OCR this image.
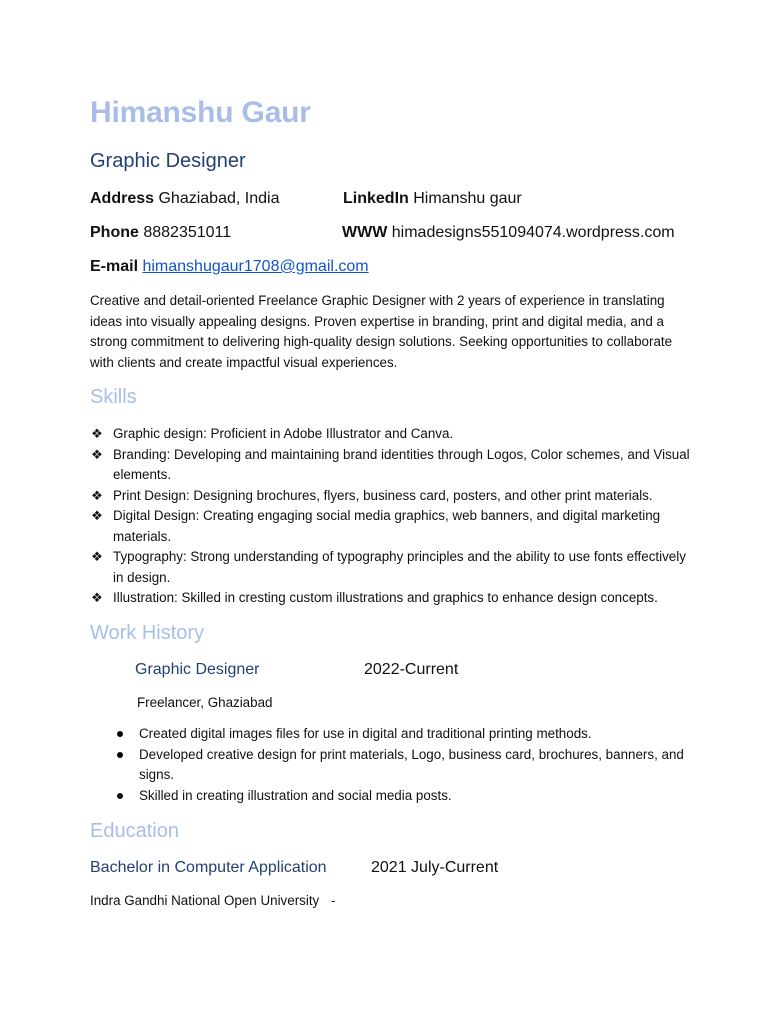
Himanshu Gaur
Graphic Designer
Address Ghaziabad, India	LinkedIn Himanshu gaur
Phone 8882351011	WWW himadesigns551094074.wordpress.com
E-mail himanshugaur1708@gmail.com
Creative and detail-oriented Freelance Graphic Designer with 2 years of experience in translating ideas into visually appealing designs. Proven expertise in branding, print and digital media, and a strong commitment to delivering high-quality design solutions. Seeking opportunities to collaborate with clients and create impactful visual experiences.
Skills
❖ Graphic design: Proficient in Adobe Illustrator and Canva.
❖ Branding: Developing and maintaining brand identities through Logos, Color schemes, and Visual elements.
❖ Print Design: Designing brochures, flyers, business card, posters, and other print materials.
❖ Digital Design: Creating engaging social media graphics, web banners, and digital marketing materials.
❖ Typography: Strong understanding of typography principles and the ability to use fonts effectively in design.
❖ Illustration: Skilled in cresting custom illustrations and graphics to enhance design concepts.
Work History
Graphic Designer	2022-Current
Freelancer, Ghaziabad
Created digital images files for use in digital and traditional printing methods.
Developed creative design for print materials, Logo, business card, brochures, banners, and signs.
Skilled in creating illustration and social media posts.
Education
Bachelor in Computer Application	2021 July-Current
Indra Gandhi National Open University -
